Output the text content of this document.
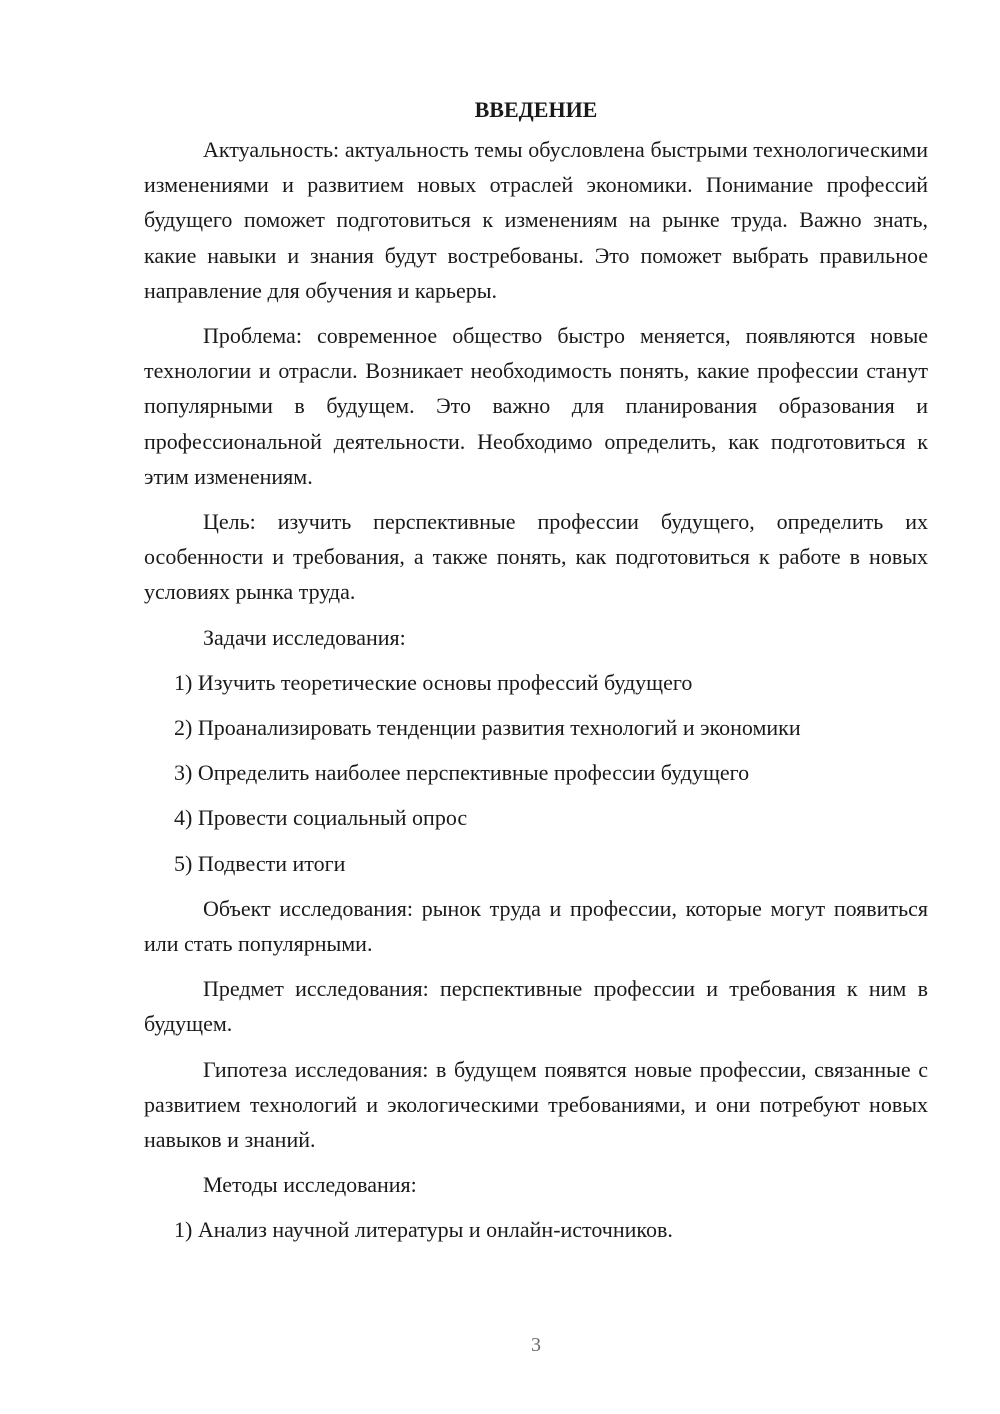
ВВЕДЕНИЕ

Актуальность: актуальность темы обусловлена быстрыми технологическими изменениями и развитием новых отраслей экономики. Понимание профессий будущего поможет подготовиться к изменениям на рынке труда. Важно знать, какие навыки и знания будут востребованы. Это поможет выбрать правильное направление для обучения и карьеры.

Проблема: современное общество быстро меняется, появляются новые технологии и отрасли. Возникает необходимость понять, какие профессии станут популярными в будущем. Это важно для планирования образования и профессиональной деятельности. Необходимо определить, как подготовиться к этим изменениям.

Цель: изучить перспективные профессии будущего, определить их особенности и требования, а также понять, как подготовиться к работе в новых условиях рынка труда.

Задачи исследования:

1) Изучить теоретические основы профессий будущего
2) Проанализировать тенденции развития технологий и экономики
3) Определить наиболее перспективные профессии будущего
4) Провести социальный опрос
5) Подвести итоги

Объект исследования: рынок труда и профессии, которые могут появиться или стать популярными.

Предмет исследования: перспективные профессии и требования к ним в будущем.

Гипотеза исследования: в будущем появятся новые профессии, связанные с развитием технологий и экологическими требованиями, и они потребуют новых навыков и знаний.

Методы исследования:

1) Анализ научной литературы и онлайн-источников.
3
